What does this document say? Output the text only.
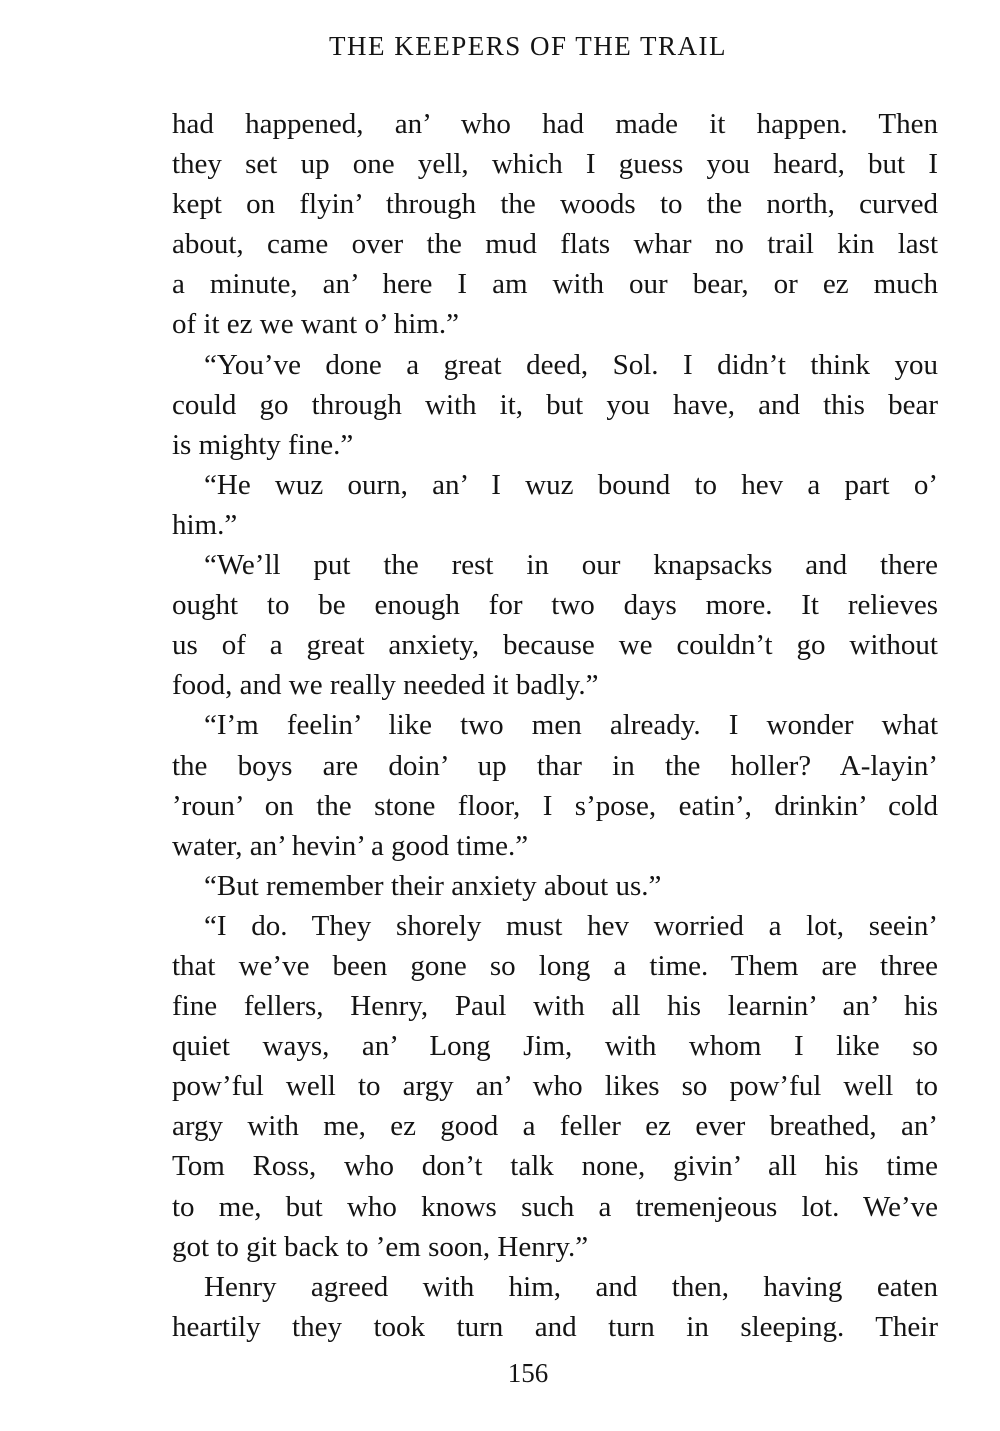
THE KEEPERS OF THE TRAIL
had happened, an’ who had made it happen. Then
they set up one yell, which I guess you heard, but I
kept on flyin’ through the woods to the north, curved
about, came over the mud flats whar no trail kin last
a minute, an’ here I am with our bear, or ez much
of it ez we want o’ him.”
“You’ve done a great deed, Sol. I didn’t think you
could go through with it, but you have, and this bear
is mighty fine.”
“He wuz ourn, an’ I wuz bound to hev a part o’
him.”
“We’ll put the rest in our knapsacks and there
ought to be enough for two days more. It relieves
us of a great anxiety, because we couldn’t go without
food, and we really needed it badly.”
“I’m feelin’ like two men already. I wonder what
the boys are doin’ up thar in the holler? A-layin’
’roun’ on the stone floor, I s’pose, eatin’, drinkin’ cold
water, an’ hevin’ a good time.”
“But remember their anxiety about us.”
“I do. They shorely must hev worried a lot, seein’
that we’ve been gone so long a time. Them are three
fine fellers, Henry, Paul with all his learnin’ an’ his
quiet ways, an’ Long Jim, with whom I like so
pow’ful well to argy an’ who likes so pow’ful well to
argy with me, ez good a feller ez ever breathed, an’
Tom Ross, who don’t talk none, givin’ all his time
to me, but who knows such a tremenjeous lot. We’ve
got to git back to ’em soon, Henry.”
Henry agreed with him, and then, having eaten
heartily they took turn and turn in sleeping. Their
156
